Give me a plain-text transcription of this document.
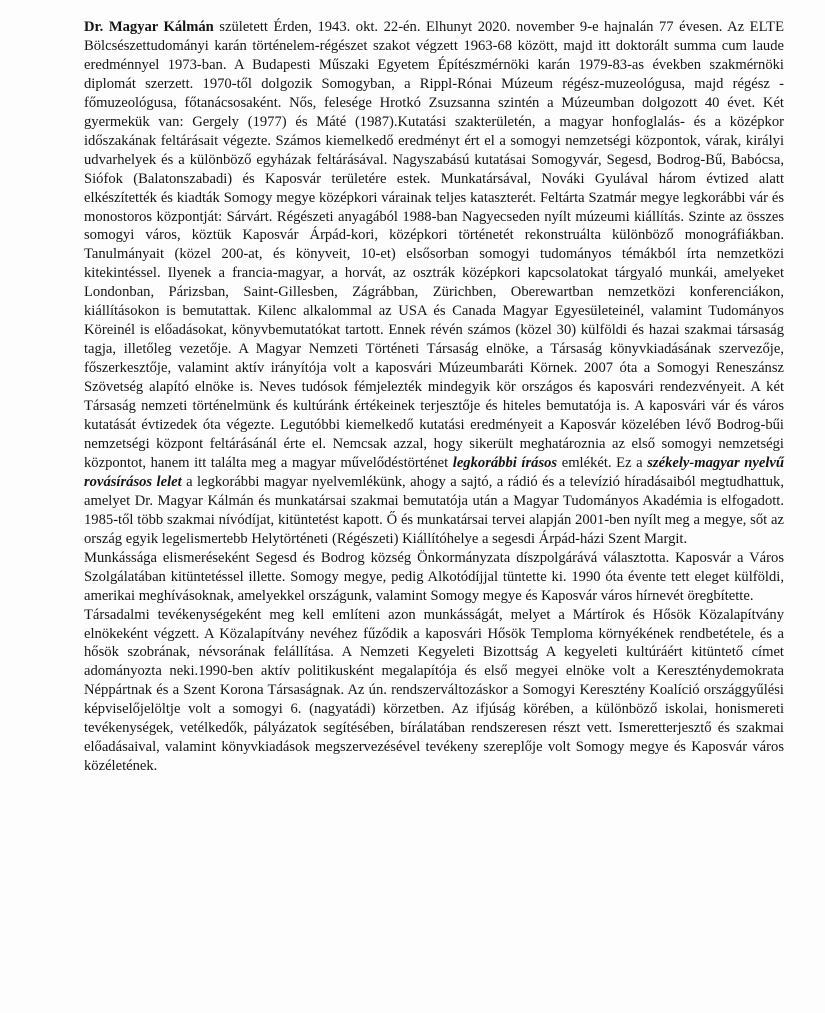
Dr. Magyar Kálmán született Érden, 1943. okt. 22-én. Elhunyt 2020. november 9-e hajnalán 77 évesen. Az ELTE Bölcsészettudományi karán történelem-régészet szakot végzett 1963-68 között, majd itt doktorált summa cum laude eredménnyel 1973-ban. A Budapesti Műszaki Egyetem Építészmérnöki karán 1979-83-as években szakmérnöki diplomát szerzett. 1970-től dolgozik Somogyban, a Rippl-Rónai Múzeum régész-muzeológusa, majd régész - főmuzeológusa, főtanácsosaként. Nős, felesége Hrotkó Zsuzsanna szintén a Múzeumban dolgozott 40 évet. Két gyermekük van: Gergely (1977) és Máté (1987).Kutatási szakterületén, a magyar honfoglalás- és a középkor időszakának feltárásait végezte. Számos kiemelkedő eredményt ért el a somogyi nemzetségi központok, várak, királyi udvarhelyek és a különböző egyházak feltárásával. Nagyszabású kutatásai Somogyvár, Segesd, Bodrog-Bű, Babócsa, Siófok (Balatonszabadi) és Kaposvár területére estek. Munkatársával, Nováki Gyulával három évtized alatt elkészítették és kiadták Somogy megye középkori várainak teljes kataszterét. Feltárta Szatmár megye legkorábbi vár és monostoros központját: Sárvárt. Régészeti anyagából 1988-ban Nagyecseden nyílt múzeumi kiállítás. Szinte az összes somogyi város, köztük Kaposvár Árpád-kori, középkori történetét rekonstruálta különböző monográfiákban. Tanulmányait (közel 200-at, és könyveit, 10-et) elsősorban somogyi tudományos témákból írta nemzetközi kitekintéssel. Ilyenek a francia-magyar, a horvát, az osztrák középkori kapcsolatokat tárgyaló munkái, amelyeket Londonban, Párizsban, Saint-Gillesben, Zágrábban, Zürichben, Oberewartban nemzetközi konferenciákon, kiállításokon is bemutattak. Kilenc alkalommal az USA és Canada Magyar Egyesületeinél, valamint Tudományos Köreinél is előadásokat, könyvbemutatókat tartott. Ennek révén számos (közel 30) külföldi és hazai szakmai társaság tagja, illetőleg vezetője. A Magyar Nemzeti Történeti Társaság elnöke, a Társaság könyvkiadásának szervezője, főszerkesztője, valamint aktív irányítója volt a kaposvári Múzeumbaráti Körnek. 2007 óta a Somogyi Reneszánsz Szövetség alapító elnöke is. Neves tudósok fémjelezték mindegyik kör országos és kaposvári rendezvényeit. A két Társaság nemzeti történelmünk és kultúránk értékeinek terjesztője és hiteles bemutatója is. A kaposvári vár és város kutatását évtizedek óta végezte. Legutóbbi kiemelkedő kutatási eredményeit a Kaposvár közelében lévő Bodrog-bűi nemzetségi központ feltárásánál érte el. Nemcsak azzal, hogy sikerült meghatároznia az első somogyi nemzetségi központot, hanem itt találta meg a magyar művelődéstörténet legkorábbi írásos emlékét. Ez a székely-magyar nyelvű rovásírásos lelet a legkorábbi magyar nyelvemlékünk, ahogy a sajtó, a rádió és a televízió híradásaiból megtudhattuk, amelyet Dr. Magyar Kálmán és munkatársai szakmai bemutatója után a Magyar Tudományos Akadémia is elfogadott. 1985-től több szakmai nívódíjat, kitüntetést kapott. Ő és munkatársai tervei alapján 2001-ben nyílt meg a megye, sőt az ország egyik legelismertebb Helytörténeti (Régészeti) Kiállítóhelye a segesdi Árpád-házi Szent Margit.

Munkássága elismeréseként Segesd és Bodrog község Önkormányzata díszpolgárává választotta. Kaposvár a Város Szolgálatában kitüntetéssel illette. Somogy megye, pedig Alkotódíjjal tüntette ki. 1990 óta évente tett eleget külföldi, amerikai meghívásoknak, amelyekkel országunk, valamint Somogy megye és Kaposvár város hírnevét öregbítette.

Társadalmi tevékenységeként meg kell említeni azon munkásságát, melyet a Mártírok és Hősök Közalapítvány elnökeként végzett. A Közalapítvány nevéhez fűződik a kaposvári Hősök Temploma környékének rendbetétele, és a hősök szobrának, névsorának felállítása. A Nemzeti Kegyeleti Bizottság A kegyeleti kultúráért kitüntető címet adományozta neki.1990-ben aktív politikusként megalapítója és első megyei elnöke volt a Kereszténydemokrata Néppártnak és a Szent Korona Társaságnak. Az ún. rendszerváltozáskor a Somogyi Keresztény Koalíció országgyűlési képviselőjelöltje volt a somogyi 6. (nagyatádi) körzetben. Az ifjúság körében, a különböző iskolai, honismereti tevékenységek, vetélkedők, pályázatok segítésében, bírálatában rendszeresen részt vett. Ismeretterjesztő és szakmai előadásaival, valamint könyvkiadások megszervezésével tevékeny szereplője volt Somogy megye és Kaposvár város közéletének.
